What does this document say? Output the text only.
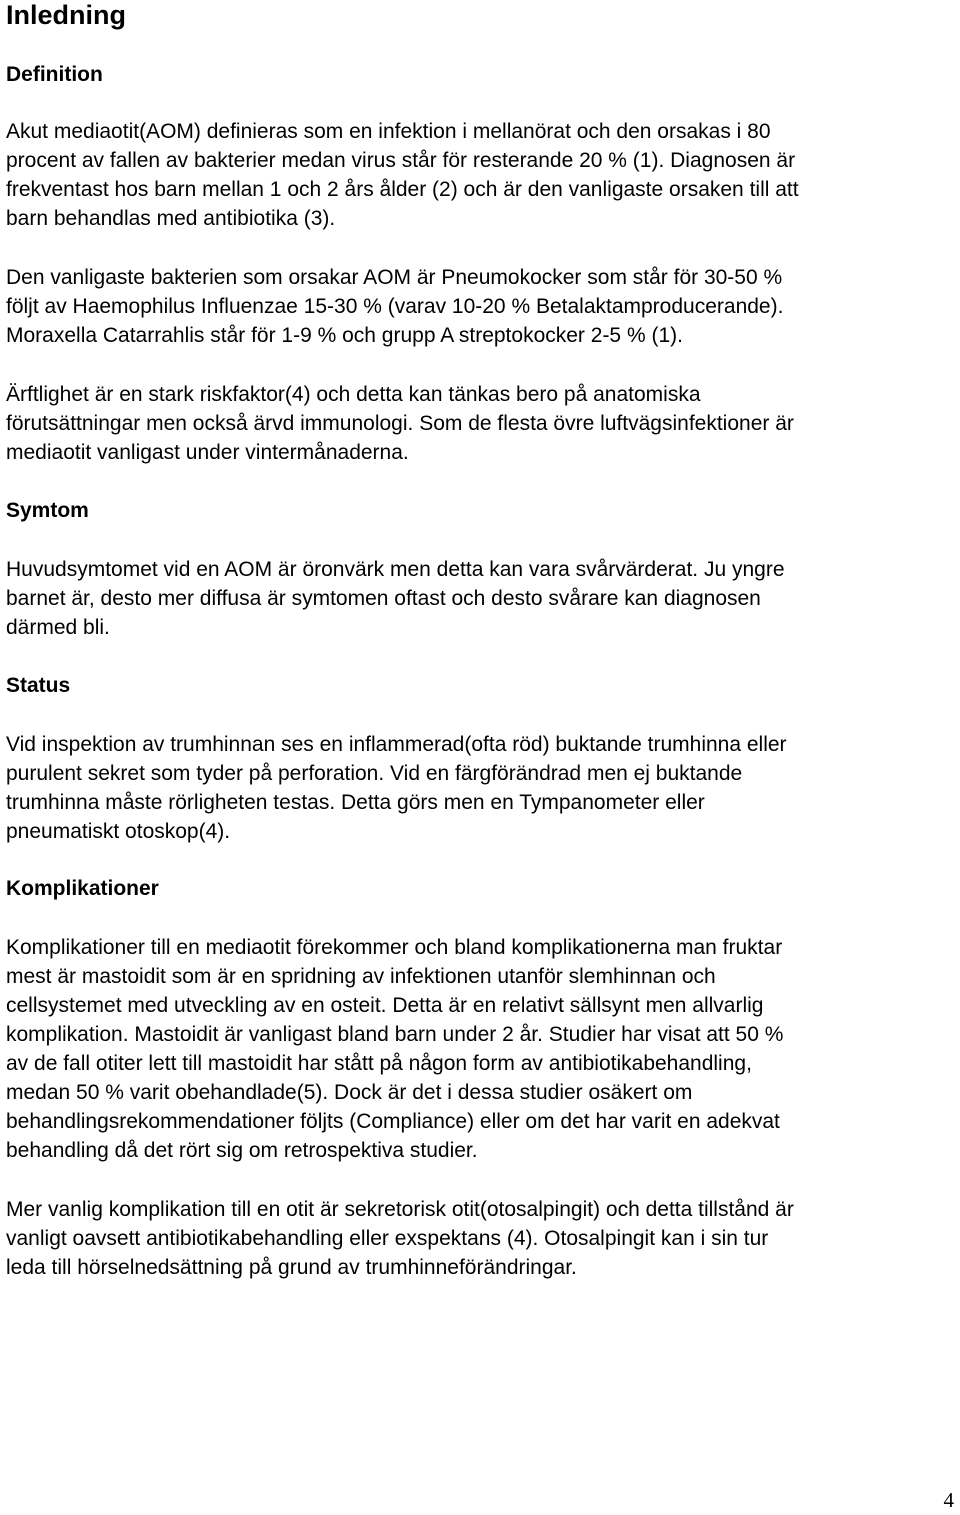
Inledning
Definition

Akut mediaotit(AOM) definieras som en infektion i mellanörat och den orsakas i 80
procent av fallen av bakterier medan virus står för resterande 20 % (1). Diagnosen är
frekventast hos barn mellan 1 och 2 års ålder (2) och är den vanligaste orsaken till att
barn behandlas med antibiotika (3).

Den vanligaste bakterien som orsakar AOM är Pneumokocker som står för 30-50 %
följt av Haemophilus Influenzae 15-30 % (varav 10-20 % Betalaktamproducerande).
Moraxella Catarrahlis står för 1-9 % och grupp A streptokocker 2-5 % (1).

Ärftlighet är en stark riskfaktor(4) och detta kan tänkas bero på anatomiska
förutsättningar men också ärvd immunologi. Som de flesta övre luftvägsinfektioner är
mediaotit vanligast under vintermånaderna.

Symtom

Huvudsymtomet vid en AOM är öronvärk men detta kan vara svårvärderat. Ju yngre
barnet är, desto mer diffusa är symtomen oftast och desto svårare kan diagnosen
därmed bli.

Status

Vid inspektion av trumhinnan ses en inflammerad(ofta röd) buktande trumhinna eller
purulent sekret som tyder på perforation. Vid en färgförändrad men ej buktande
trumhinna måste rörligheten testas. Detta görs men en Tympanometer eller
pneumatiskt otoskop(4).

Komplikationer

Komplikationer till en mediaotit förekommer och bland komplikationerna man fruktar
mest är mastoidit som är en spridning av infektionen utanför slemhinnan och
cellsystemet med utveckling av en osteit. Detta är en relativt sällsynt men allvarlig
komplikation. Mastoidit är vanligast bland barn under 2 år. Studier har visat att 50 %
av de fall otiter lett till mastoidit har stått på någon form av antibiotikabehandling,
medan 50 % varit obehandlade(5). Dock är det i dessa studier osäkert om
behandlingsrekommendationer följts (Compliance) eller om det har varit en adekvat
behandling då det rört sig om retrospektiva studier.

Mer vanlig komplikation till en otit är sekretorisk otit(otosalpingit) och detta tillstånd är
vanligt oavsett antibiotikabehandling eller exspektans (4). Otosalpingit kan i sin tur
leda till hörselnedsättning på grund av trumhinneförändringar.

4
